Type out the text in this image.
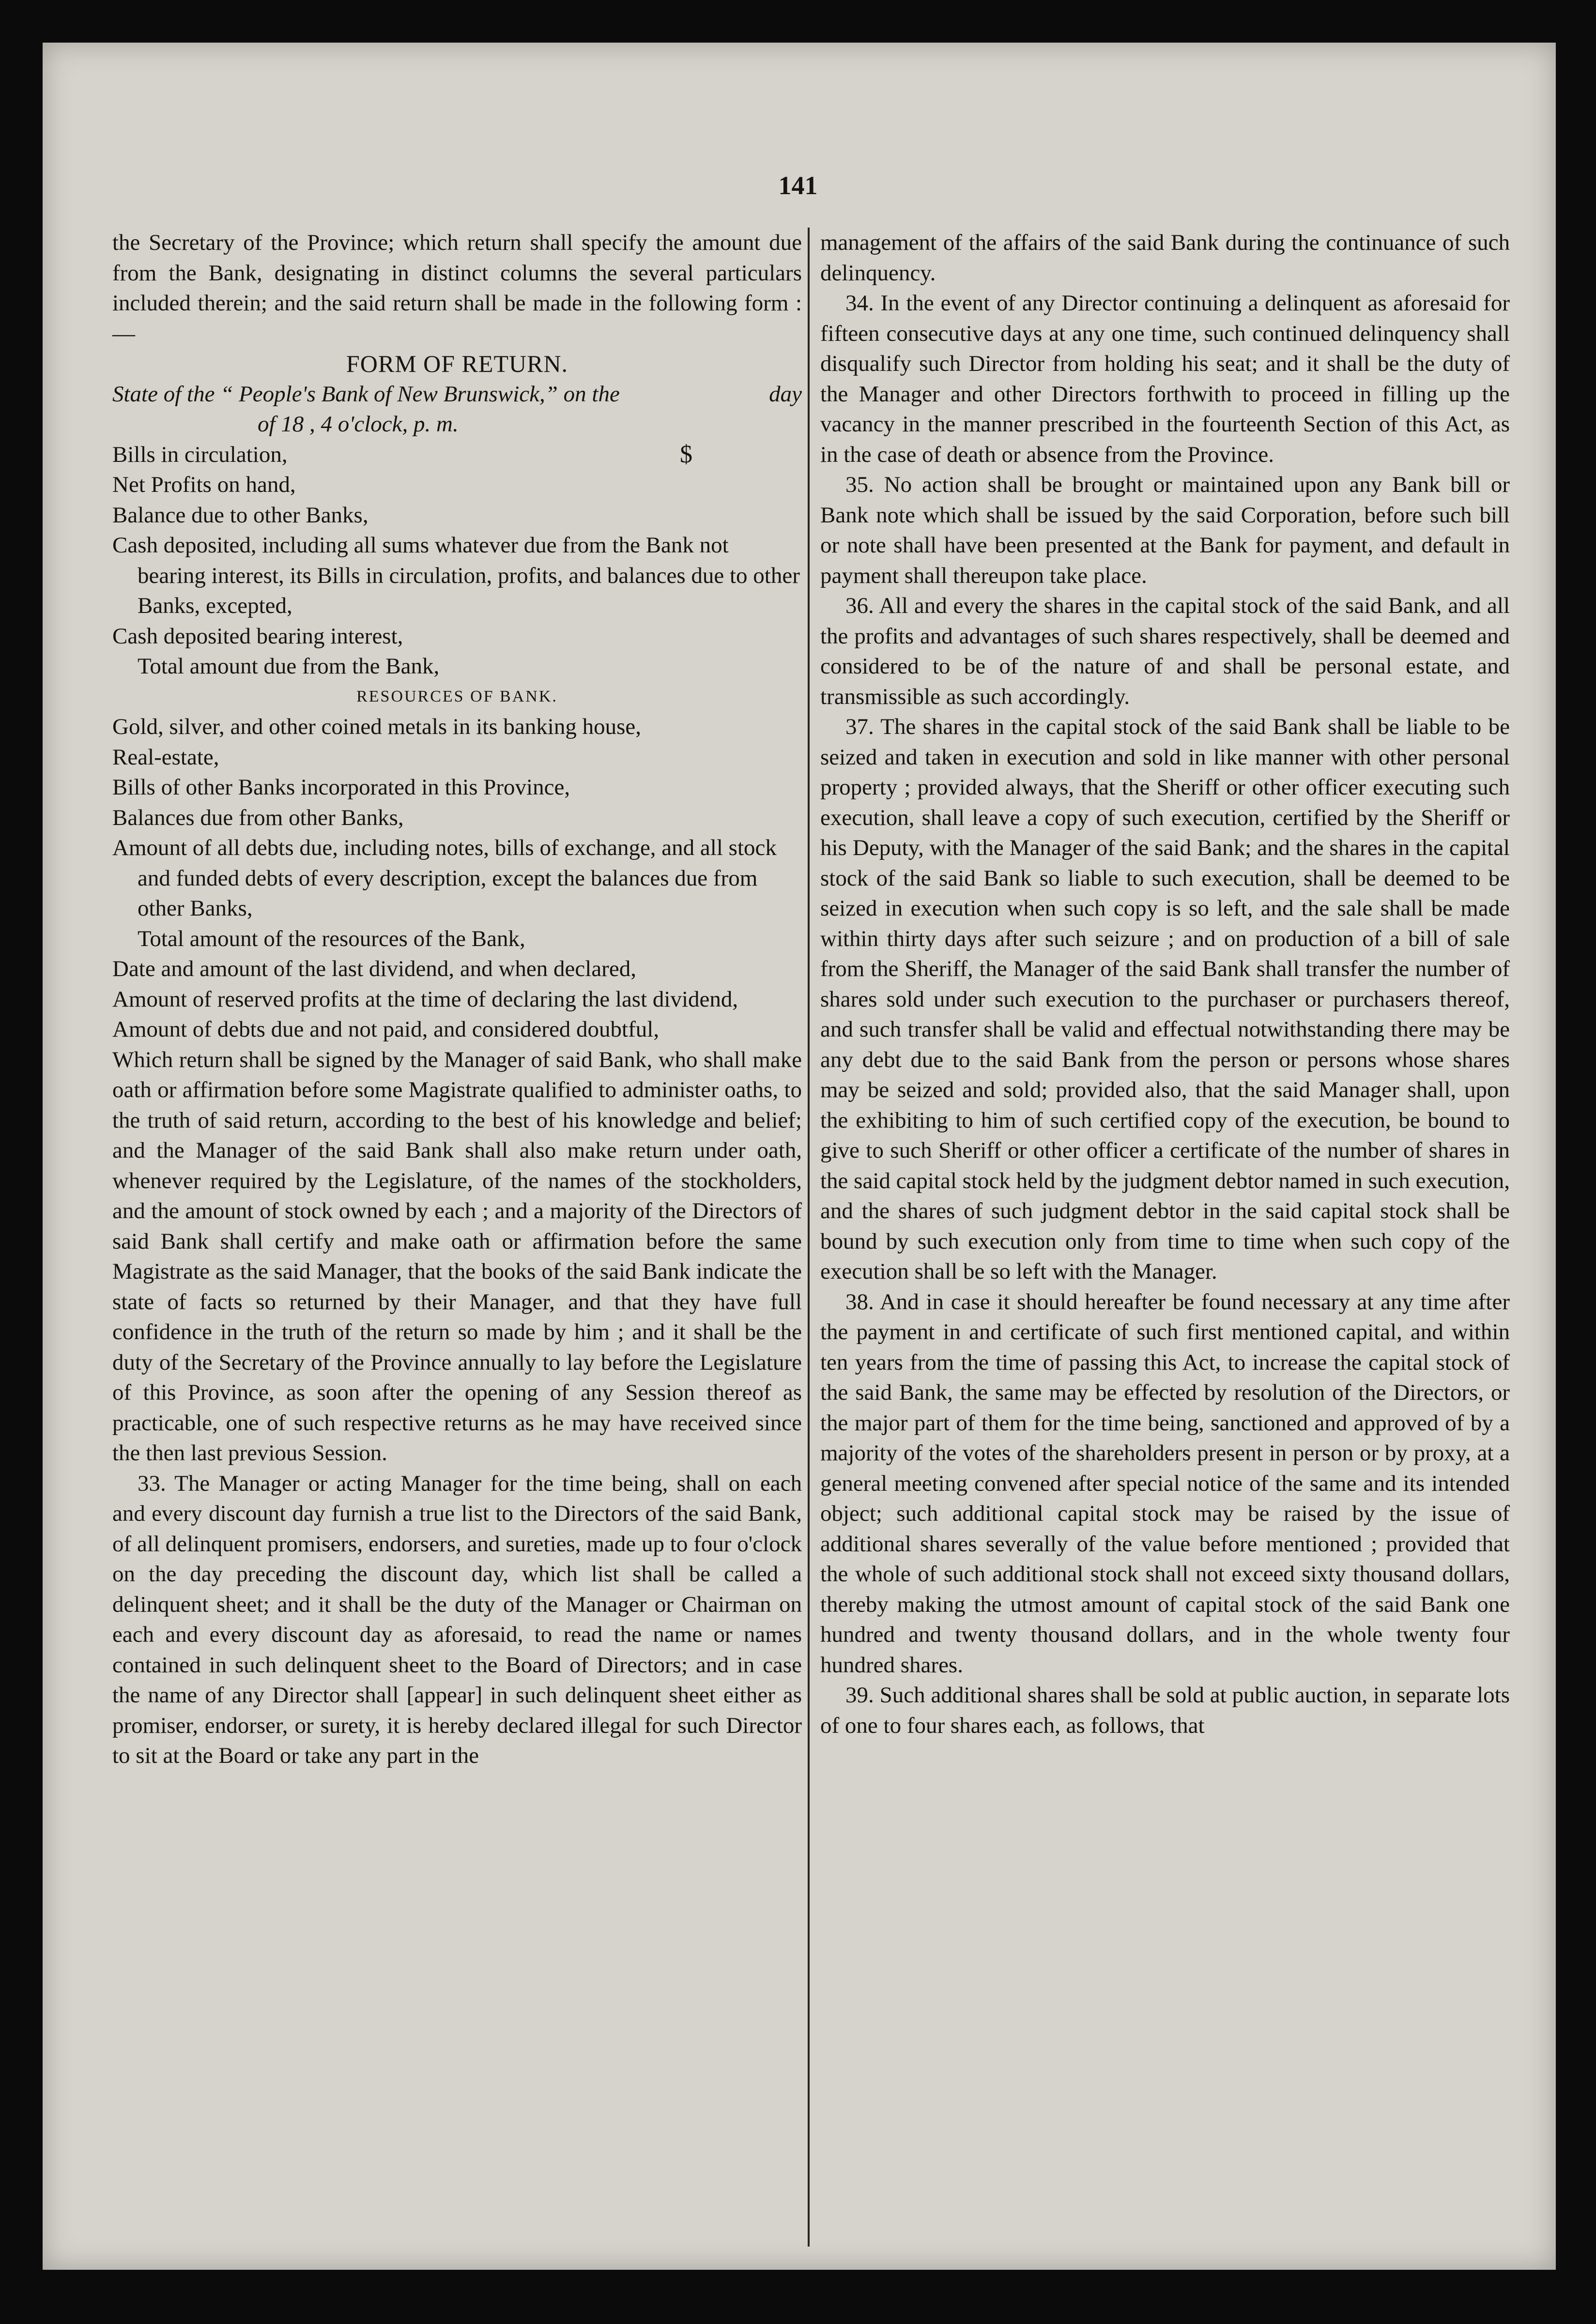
141

the Secretary of the Province; which return shall specify the amount due from the Bank, designating in distinct columns the several particulars included therein; and the said return shall be made in the following form :—

FORM OF RETURN.

day
State of the “ People's Bank of New Brunswick,” on the

of 18 , 4 o'clock, p. m.

$
Bills in circulation,

Net Profits on hand,

Balance due to other Banks,

Cash deposited, including all sums whatever due from the Bank not bearing interest, its Bills in circulation, profits, and balances due to other Banks, excepted,

Cash deposited bearing interest,

Total amount due from the Bank,

RESOURCES OF BANK.

Gold, silver, and other coined metals in its banking house,

Real-estate,

Bills of other Banks incorporated in this Province,

Balances due from other Banks,

Amount of all debts due, including notes, bills of exchange, and all stock and funded debts of every description, except the balances due from other Banks,

Total amount of the resources of the Bank,

Date and amount of the last dividend, and when declared,

Amount of reserved profits at the time of declaring the last dividend,

Amount of debts due and not paid, and considered doubtful,

Which return shall be signed by the Manager of said Bank, who shall make oath or affirmation before some Magistrate qualified to administer oaths, to the truth of said return, according to the best of his knowledge and belief; and the Manager of the said Bank shall also make return under oath, whenever required by the Legislature, of the names of the stockholders, and the amount of stock owned by each ; and a majority of the Directors of said Bank shall certify and make oath or affirmation before the same Magistrate as the said Manager, that the books of the said Bank indicate the state of facts so returned by their Manager, and that they have full confidence in the truth of the return so made by him ; and it shall be the duty of the Secretary of the Province annually to lay before the Legislature of this Province, as soon after the opening of any Session thereof as practicable, one of such respective returns as he may have received since the then last previous Session.

33. The Manager or acting Manager for the time being, shall on each and every discount day furnish a true list to the Directors of the said Bank, of all delinquent promisers, endorsers, and sureties, made up to four o'clock on the day preceding the discount day, which list shall be called a delinquent sheet; and it shall be the duty of the Manager or Chairman on each and every discount day as aforesaid, to read the name or names contained in such delinquent sheet to the Board of Directors; and in case the name of any Director shall [appear] in such delinquent sheet either as promiser, endorser, or surety, it is hereby declared illegal for such Director to sit at the Board or take any part in the

management of the affairs of the said Bank during the continuance of such delinquency.

34. In the event of any Director continuing a delinquent as aforesaid for fifteen consecutive days at any one time, such continued delinquency shall disqualify such Director from holding his seat; and it shall be the duty of the Manager and other Directors forthwith to proceed in filling up the vacancy in the manner prescribed in the fourteenth Section of this Act, as in the case of death or absence from the Province.

35. No action shall be brought or maintained upon any Bank bill or Bank note which shall be issued by the said Corporation, before such bill or note shall have been presented at the Bank for payment, and default in payment shall thereupon take place.

36. All and every the shares in the capital stock of the said Bank, and all the profits and advantages of such shares respectively, shall be deemed and considered to be of the nature of and shall be personal estate, and transmissible as such accordingly.

37. The shares in the capital stock of the said Bank shall be liable to be seized and taken in execution and sold in like manner with other personal property ; provided always, that the Sheriff or other officer executing such execution, shall leave a copy of such execution, certified by the Sheriff or his Deputy, with the Manager of the said Bank; and the shares in the capital stock of the said Bank so liable to such execution, shall be deemed to be seized in execution when such copy is so left, and the sale shall be made within thirty days after such seizure ; and on production of a bill of sale from the Sheriff, the Manager of the said Bank shall transfer the number of shares sold under such execution to the purchaser or purchasers thereof, and such transfer shall be valid and effectual notwithstanding there may be any debt due to the said Bank from the person or persons whose shares may be seized and sold; provided also, that the said Manager shall, upon the exhibiting to him of such certified copy of the execution, be bound to give to such Sheriff or other officer a certificate of the number of shares in the said capital stock held by the judgment debtor named in such execution, and the shares of such judgment debtor in the said capital stock shall be bound by such execution only from time to time when such copy of the execution shall be so left with the Manager.

38. And in case it should hereafter be found necessary at any time after the payment in and certificate of such first mentioned capital, and within ten years from the time of passing this Act, to increase the capital stock of the said Bank, the same may be effected by resolution of the Directors, or the major part of them for the time being, sanctioned and approved of by a majority of the votes of the shareholders present in person or by proxy, at a general meeting convened after special notice of the same and its intended object; such additional capital stock may be raised by the issue of additional shares severally of the value before mentioned ; provided that the whole of such additional stock shall not exceed sixty thousand dollars, thereby making the utmost amount of capital stock of the said Bank one hundred and twenty thousand dollars, and in the whole twenty four hundred shares.

39. Such additional shares shall be sold at public auction, in separate lots of one to four shares each, as follows, that
